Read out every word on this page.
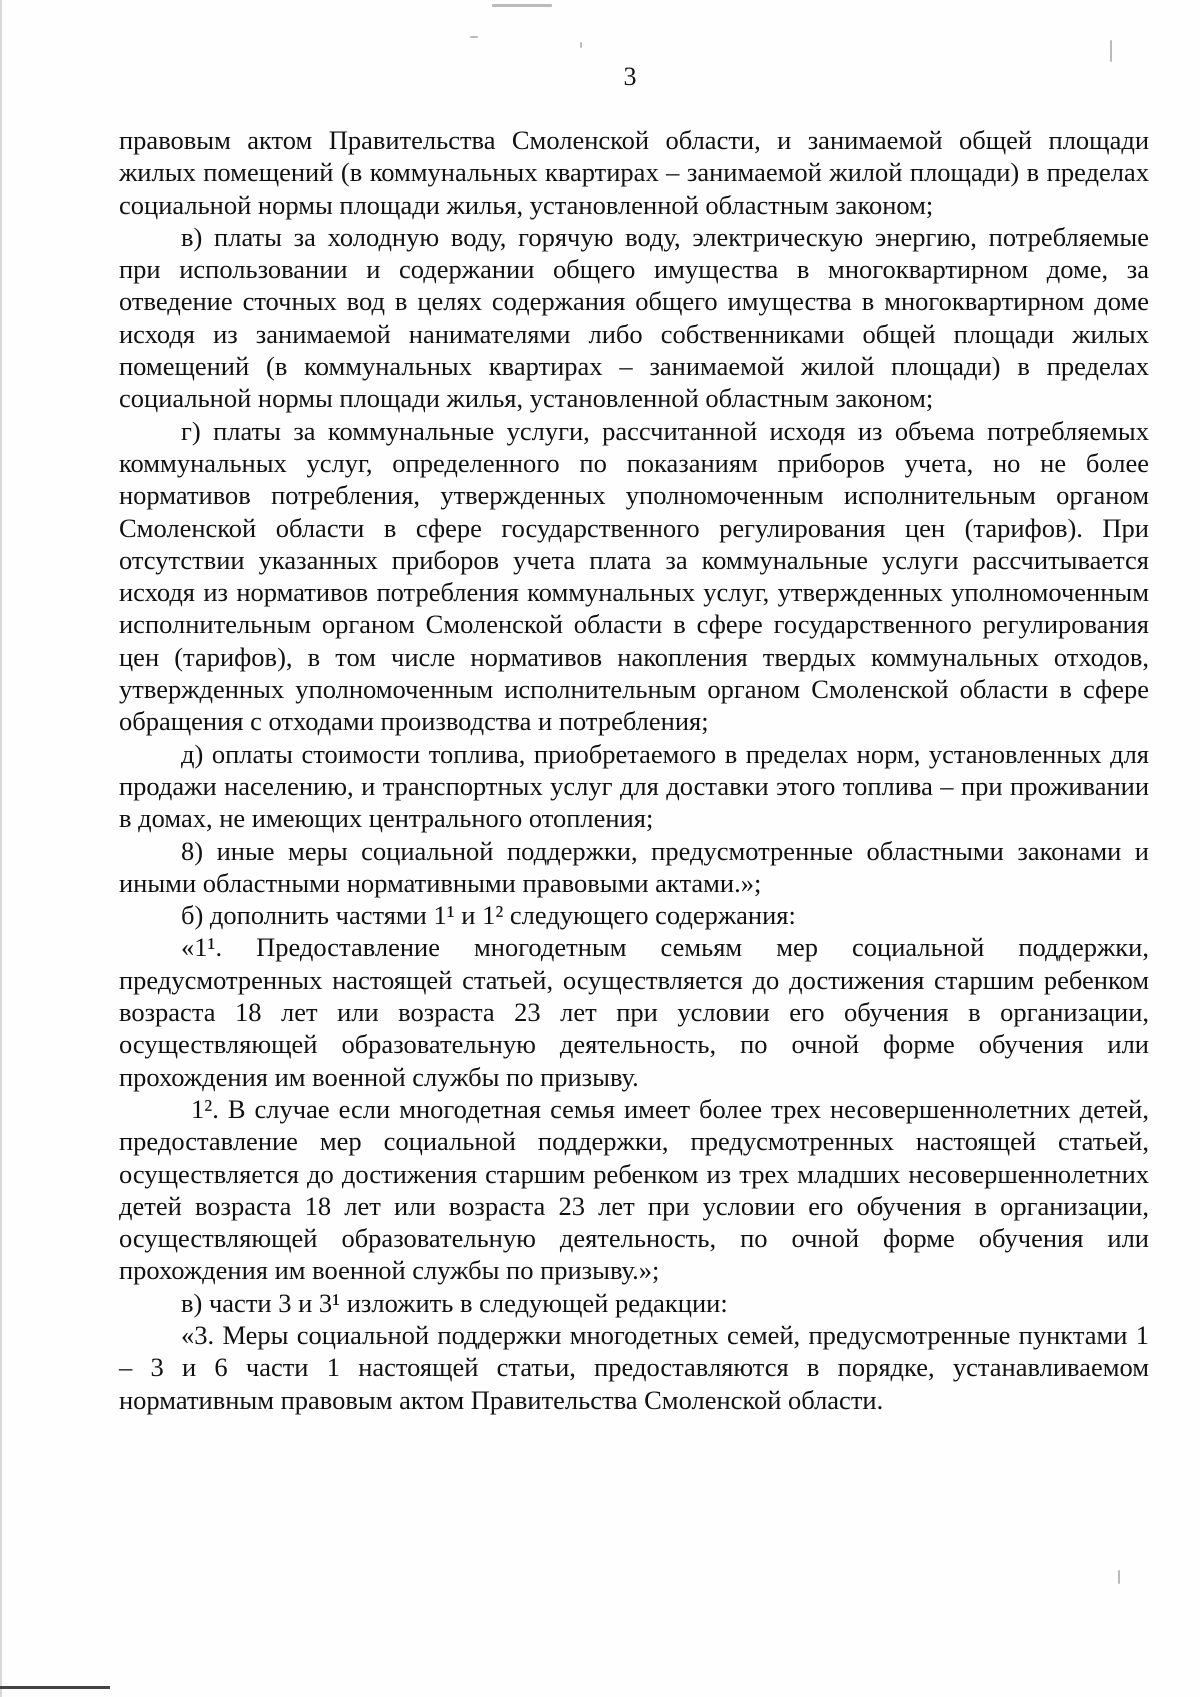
3

правовым актом Правительства Смоленской области, и занимаемой общей площади жилых помещений (в коммунальных квартирах – занимаемой жилой площади) в пределах социальной нормы площади жилья, установленной областным законом;

в) платы за холодную воду, горячую воду, электрическую энергию, потребляемые при использовании и содержании общего имущества в многоквартирном доме, за отведение сточных вод в целях содержания общего имущества в многоквартирном доме исходя из занимаемой нанимателями либо собственниками общей площади жилых помещений (в коммунальных квартирах – занимаемой жилой площади) в пределах социальной нормы площади жилья, установленной областным законом;

г) платы за коммунальные услуги, рассчитанной исходя из объема потребляемых коммунальных услуг, определенного по показаниям приборов учета, но не более нормативов потребления, утвержденных уполномоченным исполнительным органом Смоленской области в сфере государственного регулирования цен (тарифов). При отсутствии указанных приборов учета плата за коммунальные услуги рассчитывается исходя из нормативов потребления коммунальных услуг, утвержденных уполномоченным исполнительным органом Смоленской области в сфере государственного регулирования цен (тарифов), в том числе нормативов накопления твердых коммунальных отходов, утвержденных уполномоченным исполнительным органом Смоленской области в сфере обращения с отходами производства и потребления;

д) оплаты стоимости топлива, приобретаемого в пределах норм, установленных для продажи населению, и транспортных услуг для доставки этого топлива – при проживании в домах, не имеющих центрального отопления;

8) иные меры социальной поддержки, предусмотренные областными законами и иными областными нормативными правовыми актами.»;

б) дополнить частями 1¹ и 1² следующего содержания:

«1¹. Предоставление многодетным семьям мер социальной поддержки, предусмотренных настоящей статьей, осуществляется до достижения старшим ребенком возраста 18 лет или возраста 23 лет при условии его обучения в организации, осуществляющей образовательную деятельность, по очной форме обучения или прохождения им военной службы по призыву.

1². В случае если многодетная семья имеет более трех несовершеннолетних детей, предоставление мер социальной поддержки, предусмотренных настоящей статьей, осуществляется до достижения старшим ребенком из трех младших несовершеннолетних детей возраста 18 лет или возраста 23 лет при условии его обучения в организации, осуществляющей образовательную деятельность, по очной форме обучения или прохождения им военной службы по призыву.»;

в) части 3 и 3¹ изложить в следующей редакции:

«3. Меры социальной поддержки многодетных семей, предусмотренные пунктами 1 – 3 и 6 части 1 настоящей статьи, предоставляются в порядке, устанавливаемом нормативным правовым актом Правительства Смоленской области.
